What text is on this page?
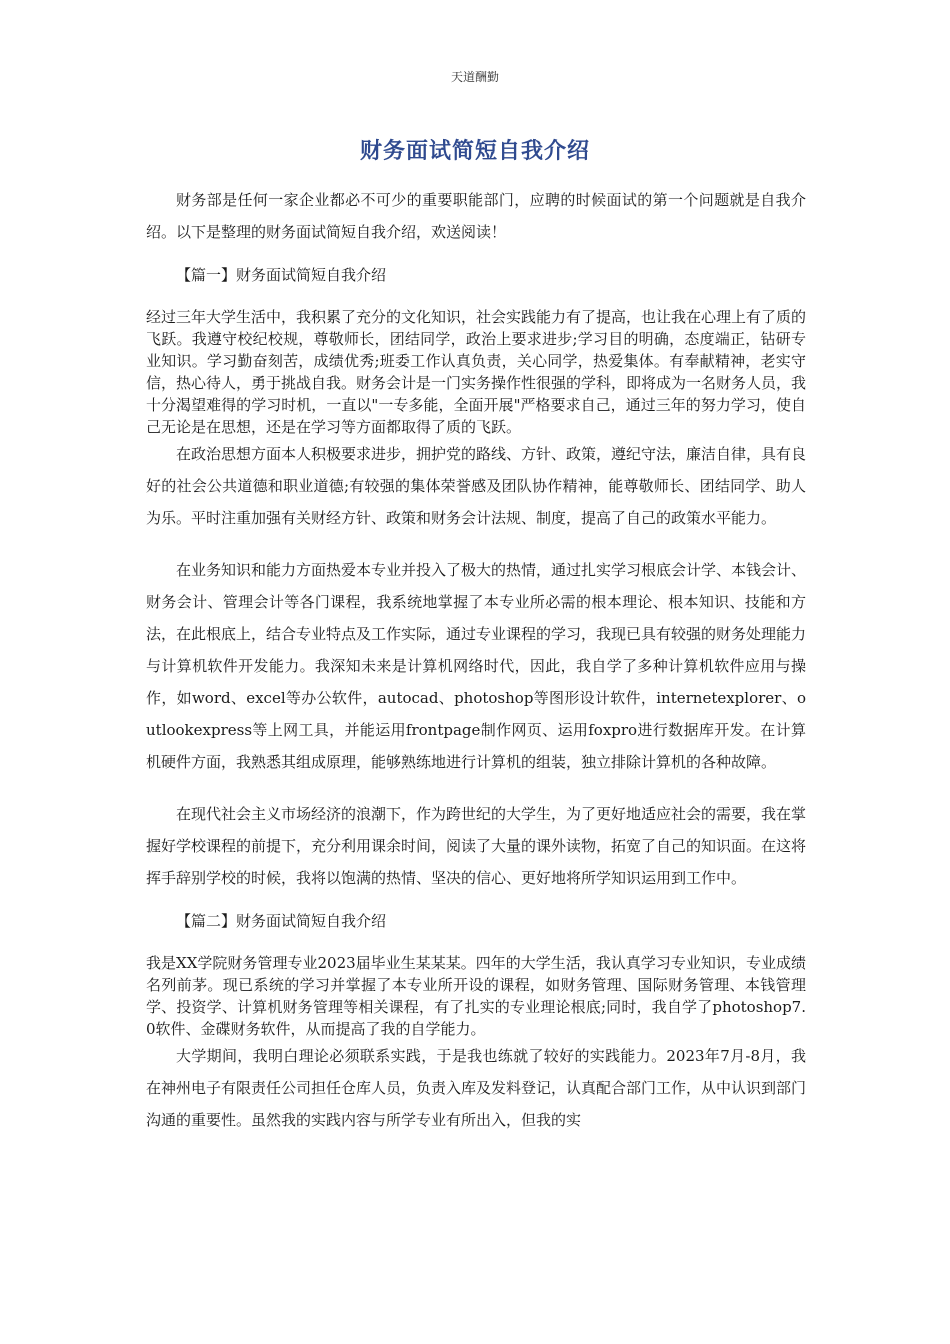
天道酬勤
财务面试简短自我介绍

财务部是任何一家企业都必不可少的重要职能部门，应聘的时候面试的第一个问题就是自我介绍。以下是整理的财务面试简短自我介绍，欢送阅读！

【篇一】财务面试简短自我介绍

经过三年大学生活中，我积累了充分的文化知识，社会实践能力有了提高，也让我在心理上有了质的飞跃。我遵守校纪校规，尊敬师长，团结同学，政治上要求进步;学习目的明确，态度端正，钻研专业知识。学习勤奋刻苦，成绩优秀;班委工作认真负责，关心同学，热爱集体。有奉献精神，老实守信，热心待人，勇于挑战自我。财务会计是一门实务操作性很强的学科，即将成为一名财务人员，我十分渴望难得的学习时机，一直以"一专多能，全面开展"严格要求自己，通过三年的努力学习，使自己无论是在思想，还是在学习等方面都取得了质的飞跃。

在政治思想方面本人积极要求进步，拥护党的路线、方针、政策，遵纪守法，廉洁自律，具有良好的社会公共道德和职业道德;有较强的集体荣誉感及团队协作精神，能尊敬师长、团结同学、助人为乐。平时注重加强有关财经方针、政策和财务会计法规、制度，提高了自己的政策水平能力。

在业务知识和能力方面热爱本专业并投入了极大的热情，通过扎实学习根底会计学、本钱会计、财务会计、管理会计等各门课程，我系统地掌握了本专业所必需的根本理论、根本知识、技能和方法，在此根底上，结合专业特点及工作实际，通过专业课程的学习，我现已具有较强的财务处理能力与计算机软件开发能力。我深知未来是计算机网络时代，因此，我自学了多种计算机软件应用与操作，如word、excel等办公软件，autocad、photoshop等图形设计软件，internetexplorer、outlookexpress等上网工具，并能运用frontpage制作网页、运用foxpro进行数据库开发。在计算机硬件方面，我熟悉其组成原理，能够熟练地进行计算机的组装，独立排除计算机的各种故障。

在现代社会主义市场经济的浪潮下，作为跨世纪的大学生，为了更好地适应社会的需要，我在掌握好学校课程的前提下，充分利用课余时间，阅读了大量的课外读物，拓宽了自己的知识面。在这将挥手辞别学校的时候，我将以饱满的热情、坚决的信心、更好地将所学知识运用到工作中。

【篇二】财务面试简短自我介绍

我是XX学院财务管理专业2023届毕业生某某某。四年的大学生活，我认真学习专业知识，专业成绩名列前茅。现已系统的学习并掌握了本专业所开设的课程，如财务管理、国际财务管理、本钱管理学、投资学、计算机财务管理等相关课程，有了扎实的专业理论根底;同时，我自学了photoshop7.0软件、金碟财务软件，从而提高了我的自学能力。

大学期间，我明白理论必须联系实践，于是我也练就了较好的实践能力。2023年7月-8月，我在神州电子有限责任公司担任仓库人员，负责入库及发料登记，认真配合部门工作，从中认识到部门沟通的重要性。虽然我的实践内容与所学专业有所出入，但我的实
